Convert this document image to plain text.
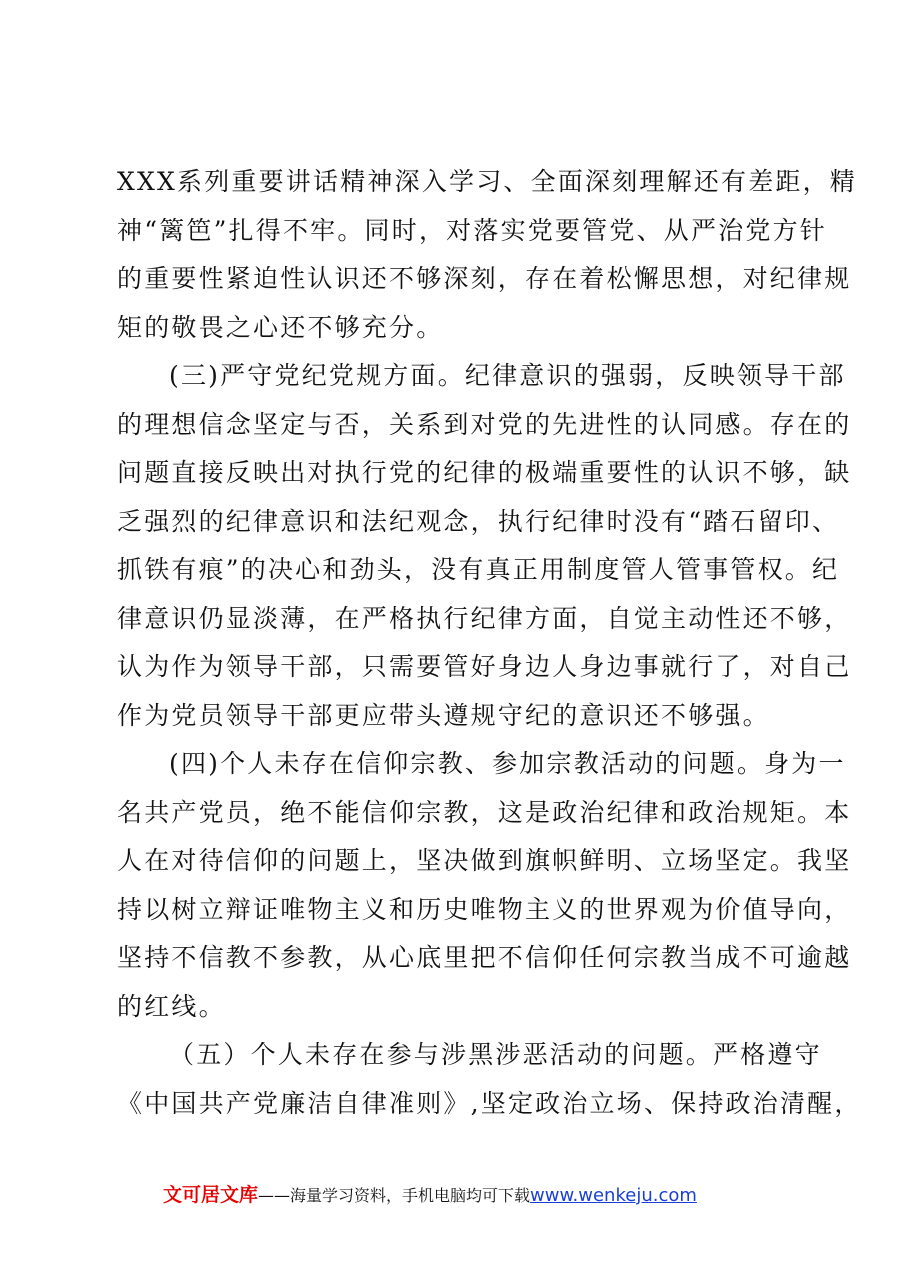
XXX系列重要讲话精神深入学习、全面深刻理解还有差距，精
神“篱笆”扎得不牢。同时，对落实党要管党、从严治党方针
的重要性紧迫性认识还不够深刻，存在着松懈思想，对纪律规
矩的敬畏之心还不够充分。

(三)严守党纪党规方面。纪律意识的强弱，反映领导干部
的理想信念坚定与否，关系到对党的先进性的认同感。存在的
问题直接反映出对执行党的纪律的极端重要性的认识不够，缺
乏强烈的纪律意识和法纪观念，执行纪律时没有“踏石留印、
抓铁有痕”的决心和劲头，没有真正用制度管人管事管权。纪
律意识仍显淡薄，在严格执行纪律方面，自觉主动性还不够，
认为作为领导干部，只需要管好身边人身边事就行了，对自己
作为党员领导干部更应带头遵规守纪的意识还不够强。

(四)个人未存在信仰宗教、参加宗教活动的问题。身为一
名共产党员，绝不能信仰宗教，这是政治纪律和政治规矩。本
人在对待信仰的问题上，坚决做到旗帜鲜明、立场坚定。我坚
持以树立辩证唯物主义和历史唯物主义的世界观为价值导向，
坚持不信教不参教，从心底里把不信仰任何宗教当成不可逾越
的红线。

（五）个人未存在参与涉黑涉恶活动的问题。严格遵守
《中国共产党廉洁自律准则》,坚定政治立场、保持政治清醒，

文可居文库——海量学习资料，手机电脑均可下载www.wenkeju.com
